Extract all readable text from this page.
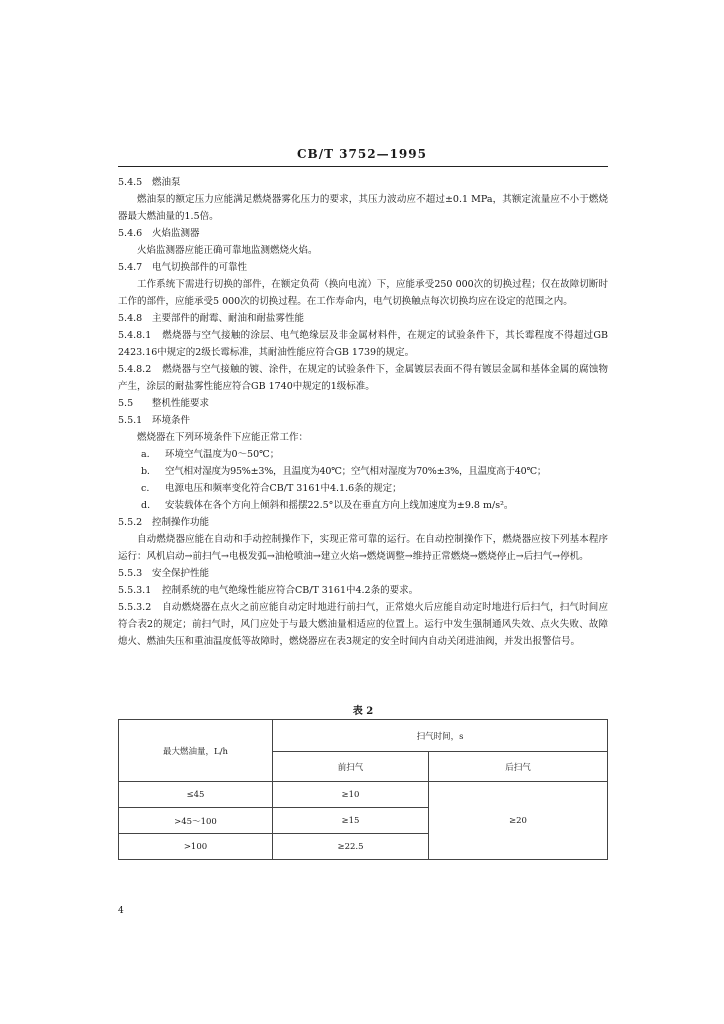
CB/T 3752—1995

5.4.5 燃油泵

燃油泵的额定压力应能满足燃烧器雾化压力的要求，其压力波动应不超过±0.1 MPa，其额定流量应不小于燃烧器最大燃油量的1.5倍。

5.4.6 火焰监测器

火焰监测器应能正确可靠地监测燃烧火焰。

5.4.7 电气切换部件的可靠性

工作系统下需进行切换的部件，在额定负荷（换向电流）下，应能承受250 000次的切换过程；仅在故障切断时工作的部件，应能承受5 000次的切换过程。在工作寿命内，电气切换触点每次切换均应在设定的范围之内。

5.4.8 主要部件的耐霉、耐油和耐盐雾性能

5.4.8.1 燃烧器与空气接触的涂层、电气绝缘层及非金属材料件，在规定的试验条件下，其长霉程度不得超过GB 2423.16中规定的2级长霉标准，其耐油性能应符合GB 1739的规定。

5.4.8.2 燃烧器与空气接触的镀、涂件，在规定的试验条件下，金属镀层表面不得有镀层金属和基体金属的腐蚀物产生，涂层的耐盐雾性能应符合GB 1740中规定的1级标准。

5.5 整机性能要求

5.5.1 环境条件

燃烧器在下列环境条件下应能正常工作：

a. 环境空气温度为0～50℃；

b. 空气相对湿度为95%±3%，且温度为40℃；空气相对湿度为70%±3%，且温度高于40℃；

c. 电源电压和频率变化符合CB/T 3161中4.1.6条的规定；

d. 安装载体在各个方向上倾斜和摇摆22.5°以及在垂直方向上线加速度为±9.8 m/s²。

5.5.2 控制操作功能

自动燃烧器应能在自动和手动控制操作下，实现正常可靠的运行。在自动控制操作下，燃烧器应按下列基本程序运行：风机启动→前扫气→电极发弧→油枪喷油→建立火焰→燃烧调整→维持正常燃烧→燃烧停止→后扫气→停机。

5.5.3 安全保护性能

5.5.3.1 控制系统的电气绝缘性能应符合CB/T 3161中4.2条的要求。

5.5.3.2 自动燃烧器在点火之前应能自动定时地进行前扫气，正常熄火后应能自动定时地进行后扫气，扫气时间应符合表2的规定；前扫气时，风门应处于与最大燃油量相适应的位置上。运行中发生强制通风失效、点火失败、故障熄火、燃油失压和重油温度低等故障时，燃烧器应在表3规定的安全时间内自动关闭进油阀，并发出报警信号。

表 2
最大燃油量，L/h	扫气时间，s	
	前扫气	后扫气
≤45	≥10	≥20
>45～100	≥15	
>100	≥22.5	
4
